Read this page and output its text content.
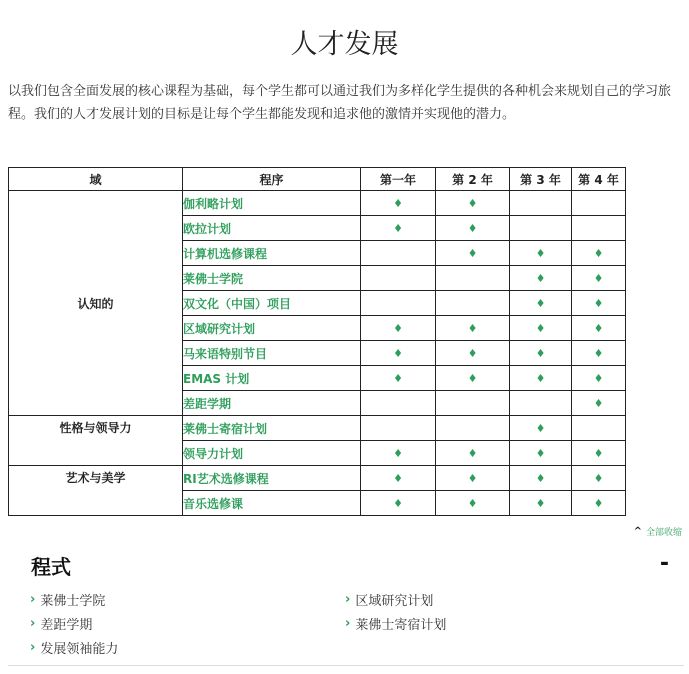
人才发展

以我们包含全面发展的核心课程为基础，每个学生都可以通过我们为多样化学生提供的各种机会来规划自己的学习旅程。我们的人才发展计划的目标是让每个学生都能发现和追求他的激情并实现他的潜力。

域	程序	第一年	第 2 年	第 3 年	第 4 年
认知的	伽利略计划	♦	♦		
	欧拉计划	♦	♦		
	计算机选修课程		♦	♦	♦
	莱佛士学院			♦	♦
	双文化（中国）项目			♦	♦
	区域研究计划	♦	♦	♦	♦
	马来语特别节目	♦	♦	♦	♦
	EMAS 计划	♦	♦	♦	♦
	差距学期				♦
性格与领导力	莱佛士寄宿计划			♦	
	领导力计划	♦	♦	♦	♦
艺术与美学	RI艺术选修课程	♦	♦	♦	♦
	音乐选修课	♦	♦	♦	♦
^ 全部收缩
程式	-
› 莱佛士学院	› 区域研究计划
› 差距学期	› 莱佛士寄宿计划
› 发展领袖能力
